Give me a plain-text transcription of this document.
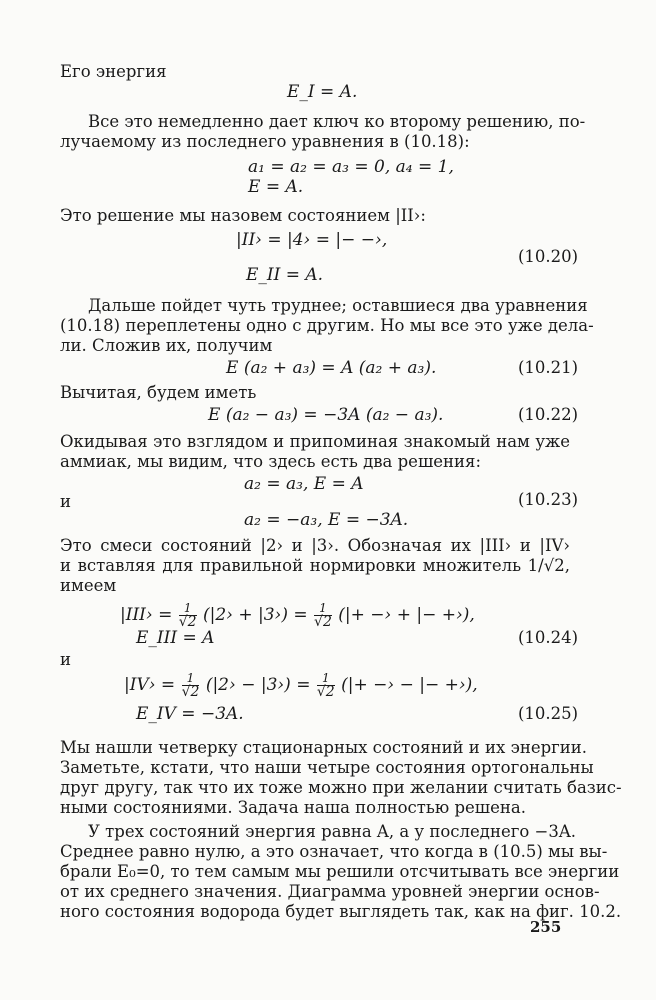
Его энергия
E_I = A.
Все это немедленно дает ключ ко второму решению, по-
лучаемому из последнего уравнения в (10.18):
a₁ = a₂ = a₃ = 0, a₄ = 1,
E = A.
Это решение мы назовем состоянием |II›:
|II› = |4› = |− −›,
E_II = A.
(10.20)
Дальше пойдет чуть труднее; оставшиеся два уравнения
(10.18) переплетены одно с другим. Но мы все это уже дела-
ли. Сложив их, получим
E (a₂ + a₃) = A (a₂ + a₃).	(10.21)
Вычитая, будем иметь
E (a₂ − a₃) = −3A (a₂ − a₃).	(10.22)
Окидывая это взглядом и припоминая знакомый нам уже
аммиак, мы видим, что здесь есть два решения:
a₂ = a₃, E = A
и	(10.23)
a₂ = −a₃, E = −3A.
Это смеси состояний |2› и |3›. Обозначая их |III› и |IV›
и вставляя для правильной нормировки множитель 1/√2,
имеем
|III› = $\frac{1}{√2}$ (|2› + |3›) = $\frac{1}{√2}$ (|+ −› + |− +›),
E_III = A	(10.24)
и
|IV› = $\frac{1}{√2}$ (|2› − |3›) = $\frac{1}{√2}$ (|+ −› − |− +›),
E_IV = −3A.	(10.25)
Мы нашли четверку стационарных состояний и их энергии.
Заметьте, кстати, что наши четыре состояния ортогональны
друг другу, так что их тоже можно при желании считать базис-
ными состояниями. Задача наша полностью решена.
У трех состояний энергия равна A, а у последнего −3A.
Среднее равно нулю, а это означает, что когда в (10.5) мы вы-
брали E₀=0, то тем самым мы решили отсчитывать все энергии
от их среднего значения. Диаграмма уровней энергии основ-
ного состояния водорода будет выглядеть так, как на фиг. 10.2.
255
